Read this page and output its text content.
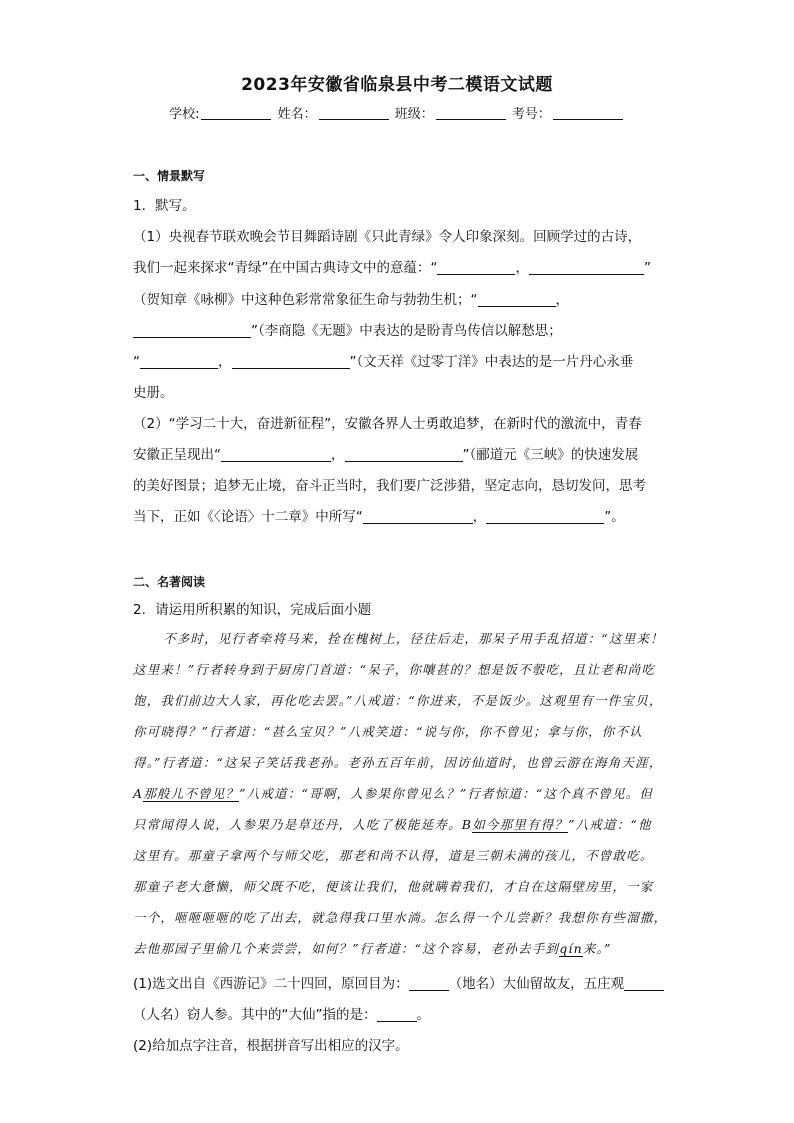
2023年安徽省临泉县中考二模语文试题
学校:	姓名：	班级：	考号：
一、情景默写
1．默写。
（1）央视春节联欢晚会节目舞蹈诗剧《只此青绿》令人印象深刻。回顾学过的古诗，
我们一起来探求“青绿”在中国古典诗文中的意蕴：“	，	”
（贺知章《咏柳》中这种色彩常常象征生命与勃勃生机；“	，
”（李商隐《无题》中表达的是盼青鸟传信以解愁思；
“	，	”（文天祥《过零丁洋》中表达的是一片丹心永垂
史册。
（2）“学习二十大，奋进新征程”，安徽各界人士勇敢追梦，在新时代的激流中，青春
安徽正呈现出“	，	”（郦道元《三峡》的快速发展
的美好图景；追梦无止境，奋斗正当时，我们要广泛涉猎，坚定志向，恳切发问，思考
当下，正如《〈论语〉十二章》中所写“	，	”。
二、名著阅读
2．请运用所积累的知识，完成后面小题
不多时，见行者牵将马来，拴在槐树上，径往后走，那呆子用手乱招道：“这里来！
这里来！”行者转身到于厨房门首道：“呆子，你嚷甚的？想是饭不彀吃，且让老和尚吃
饱，我们前边大人家，再化吃去罢。”八戒道：“你进来，不是饭少。这观里有一件宝贝，
你可晓得？”行者道：“甚么宝贝？”八戒笑道：“说与你，你不曾见；拿与你，你不认
得。”行者道：“这呆子笑话我老孙。老孙五百年前，因访仙道时，也曾云游在海角天涯，
A那般儿不曾见？”八戒道：“哥啊，人参果你曾见么？”行者惊道：“这个真不曾见。但
只常闻得人说，人参果乃是草还丹，人吃了极能延寿。B如今那里有得？”八戒道：“他
这里有。那童子拿两个与师父吃，那老和尚不认得，道是三朝未满的孩儿，不曾敢吃。
那童子老大惫懒，师父既不吃，便该让我们，他就瞒着我们，才自在这隔壁房里，一家
一个，咂咂咂咂的吃了出去，就急得我口里水淌。怎么得一个儿尝新？我想你有些溜撒，
去他那园子里偷几个来尝尝，如何？”行者道：“这个容易，老孙去手到qín来。”
(1)选文出自《西游记》二十四回，原回目为：	（地名）大仙留故友，五庄观
（人名）窃人参。其中的“大仙”指的是：	。
(2)给加点字注音，根据拼音写出相应的汉字。
